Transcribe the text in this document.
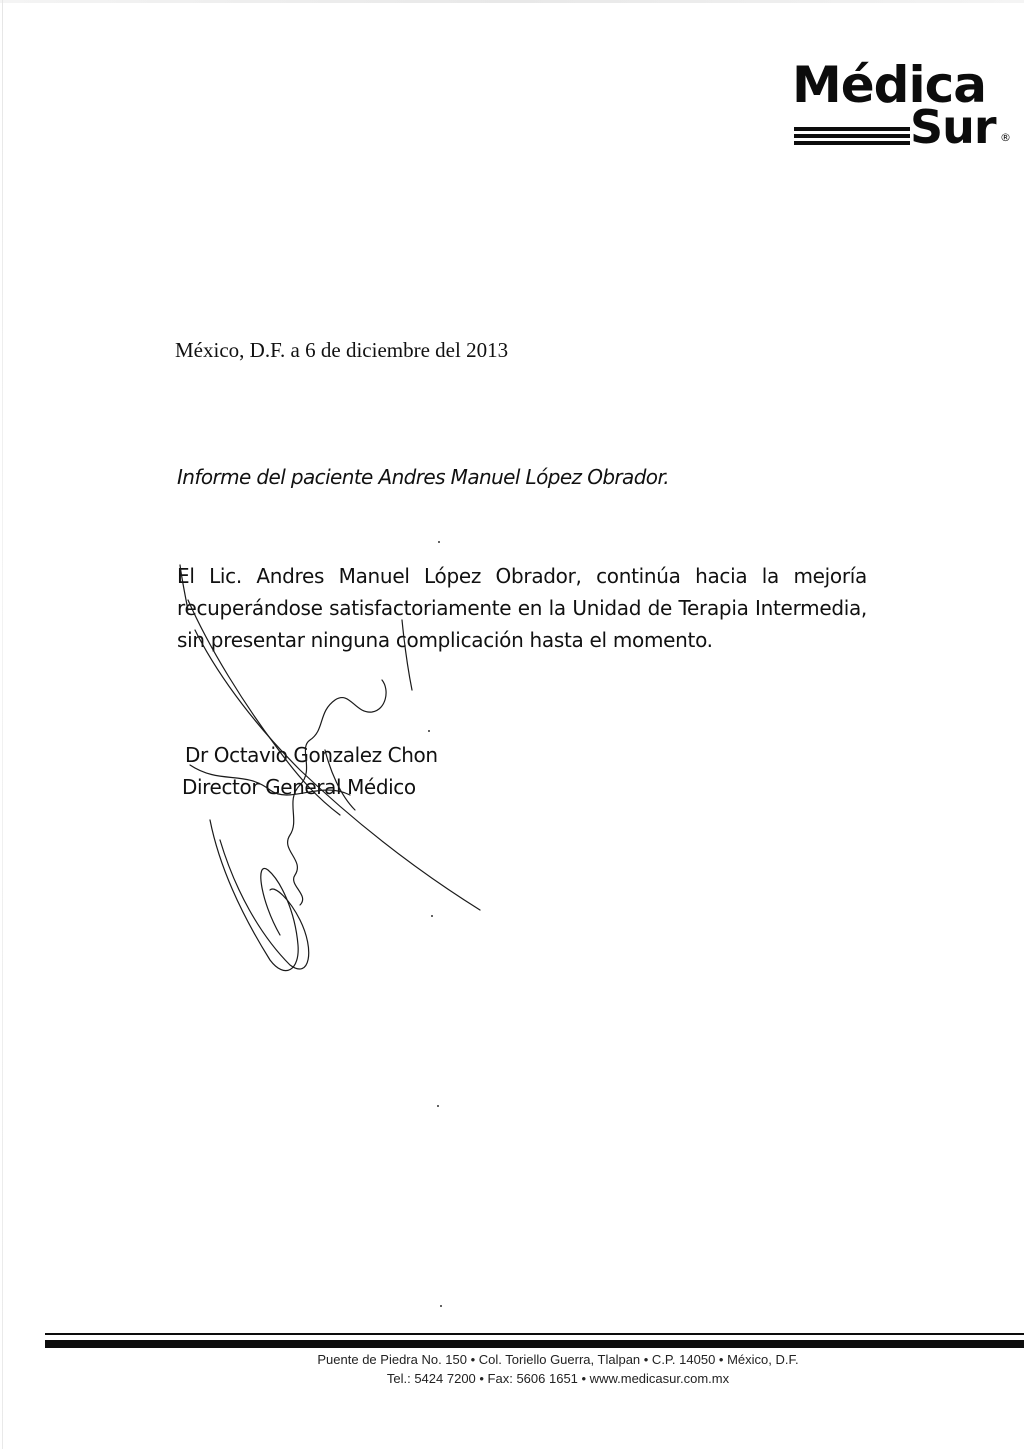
Médica
Sur ®
México, D.F. a 6 de diciembre del 2013
Informe del paciente Andres Manuel López Obrador.
El Lic. Andres Manuel López Obrador, continúa hacia la mejoría recuperándose satisfactoriamente en la Unidad de Terapia Intermedia, sin presentar ninguna complicación hasta el momento.
Dr Octavio Gonzalez Chon
Director General Médico
Puente de Piedra No. 150 • Col. Toriello Guerra, Tlalpan • C.P. 14050 • México, D.F.
Tel.: 5424 7200 • Fax: 5606 1651 • www.medicasur.com.mx
